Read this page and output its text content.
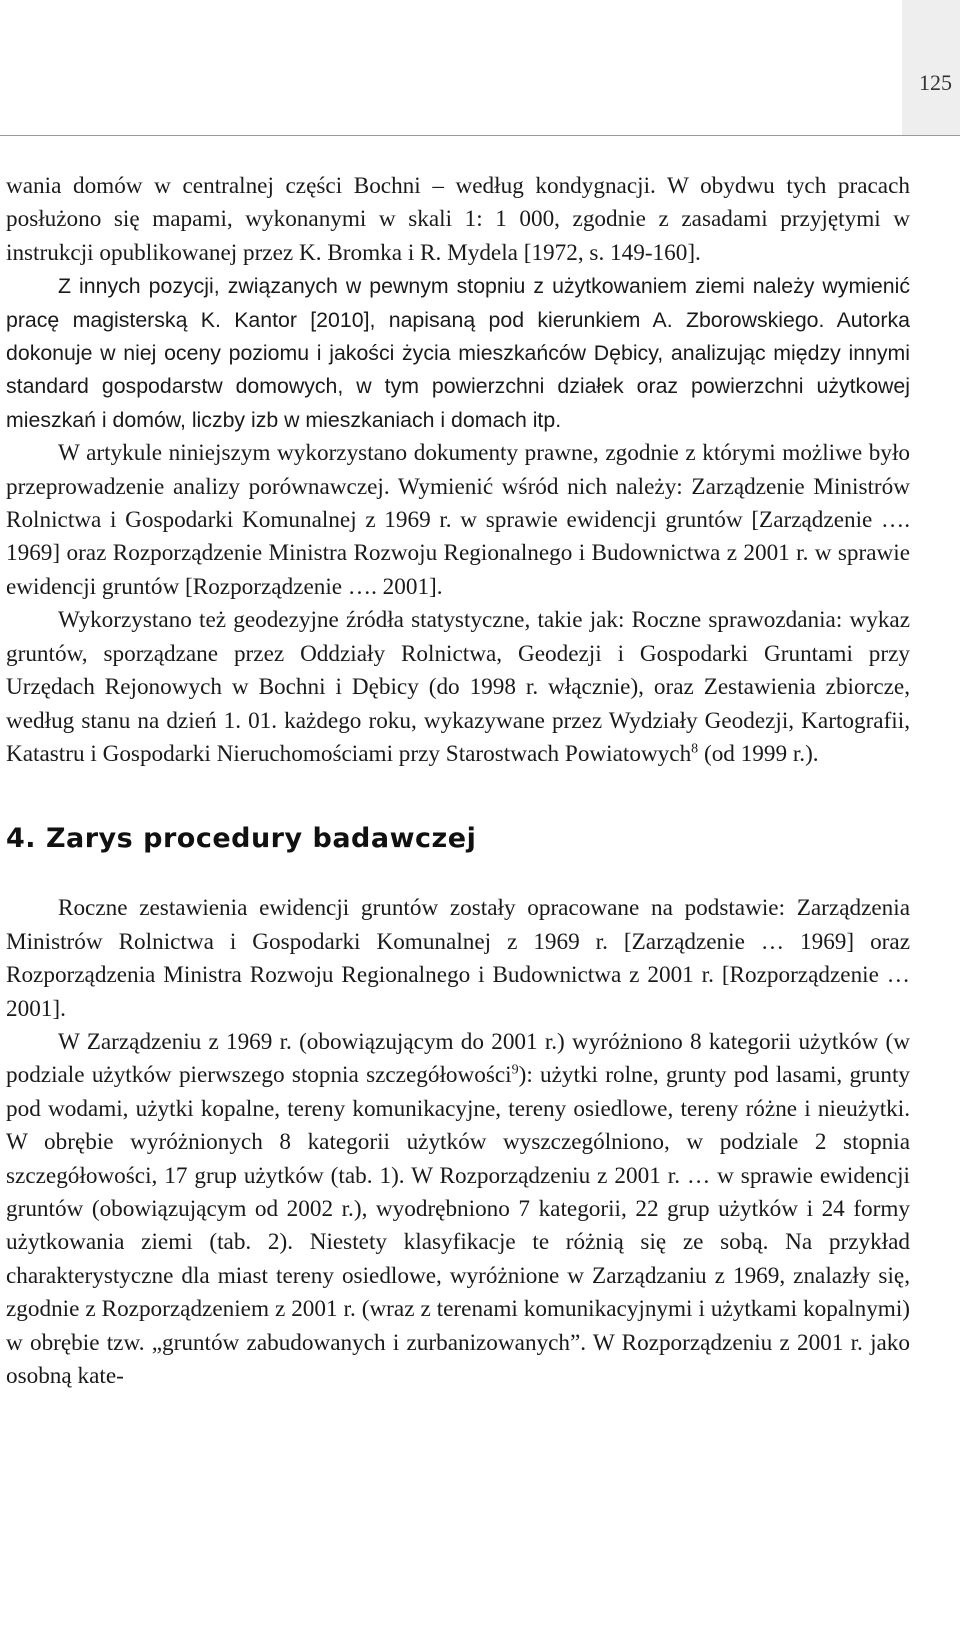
125

wania domów w centralnej części Bochni – według kondygnacji. W obydwu tych pracach posłużono się mapami, wykonanymi w skali 1: 1 000, zgodnie z zasadami przyjętymi w instrukcji opublikowanej przez K. Bromka i R. Mydela [1972, s. 149-160].

Z innych pozycji, związanych w pewnym stopniu z użytkowaniem ziemi należy wymienić pracę magisterską K. Kantor [2010], napisaną pod kierunkiem A. Zborowskiego. Autorka dokonuje w niej oceny poziomu i jakości życia mieszkańców Dębicy, analizując między innymi standard gospodarstw domowych, w tym powierzchni działek oraz powierzchni użytkowej mieszkań i domów, liczby izb w mieszkaniach i domach itp.

W artykule niniejszym wykorzystano dokumenty prawne, zgodnie z którymi możliwe było przeprowadzenie analizy porównawczej. Wymienić wśród nich należy: Zarządzenie Ministrów Rolnictwa i Gospodarki Komunalnej z 1969 r. w sprawie ewidencji gruntów [Zarządzenie …. 1969] oraz Rozporządzenie Ministra Rozwoju Regionalnego i Budownictwa z 2001 r. w sprawie ewidencji gruntów [Rozporządzenie …. 2001].

Wykorzystano też geodezyjne źródła statystyczne, takie jak: Roczne sprawozdania: wykaz gruntów, sporządzane przez Oddziały Rolnictwa, Geodezji i Gospodarki Gruntami przy Urzędach Rejonowych w Bochni i Dębicy (do 1998 r. włącznie), oraz Zestawienia zbiorcze, według stanu na dzień 1. 01. każdego roku, wykazywane przez Wydziały Geodezji, Kartografii, Katastru i Gospodarki Nieruchomościami przy Starostwach Powiatowych$^8$ (od 1999 r.).

4. Zarys procedury badawczej

Roczne zestawienia ewidencji gruntów zostały opracowane na podstawie: Zarządzenia Ministrów Rolnictwa i Gospodarki Komunalnej z 1969 r. [Zarządzenie … 1969] oraz Rozporządzenia Ministra Rozwoju Regionalnego i Budownictwa z 2001 r. [Rozporządzenie … 2001].

W Zarządzeniu z 1969 r. (obowiązującym do 2001 r.) wyróżniono 8 kategorii użytków (w podziale użytków pierwszego stopnia szczegółowości$^9$): użytki rolne, grunty pod lasami, grunty pod wodami, użytki kopalne, tereny komunikacyjne, tereny osiedlowe, tereny różne i nieużytki. W obrębie wyróżnionych 8 kategorii użytków wyszczególniono, w podziale 2 stopnia szczegółowości, 17 grup użytków (tab. 1). W Rozporządzeniu z 2001 r. … w sprawie ewidencji gruntów (obowiązującym od 2002 r.), wyodrębniono 7 kategorii, 22 grup użytków i 24 formy użytkowania ziemi (tab. 2). Niestety klasyfikacje te różnią się ze sobą. Na przykład charakterystyczne dla miast tereny osiedlowe, wyróżnione w Zarządzaniu z 1969, znalazły się, zgodnie z Rozporządzeniem z 2001 r. (wraz z terenami komunikacyjnymi i użytkami kopalnymi) w obrębie tzw. „gruntów zabudowanych i zurbanizowanych”. W Rozporządzeniu z 2001 r. jako osobną kate-
